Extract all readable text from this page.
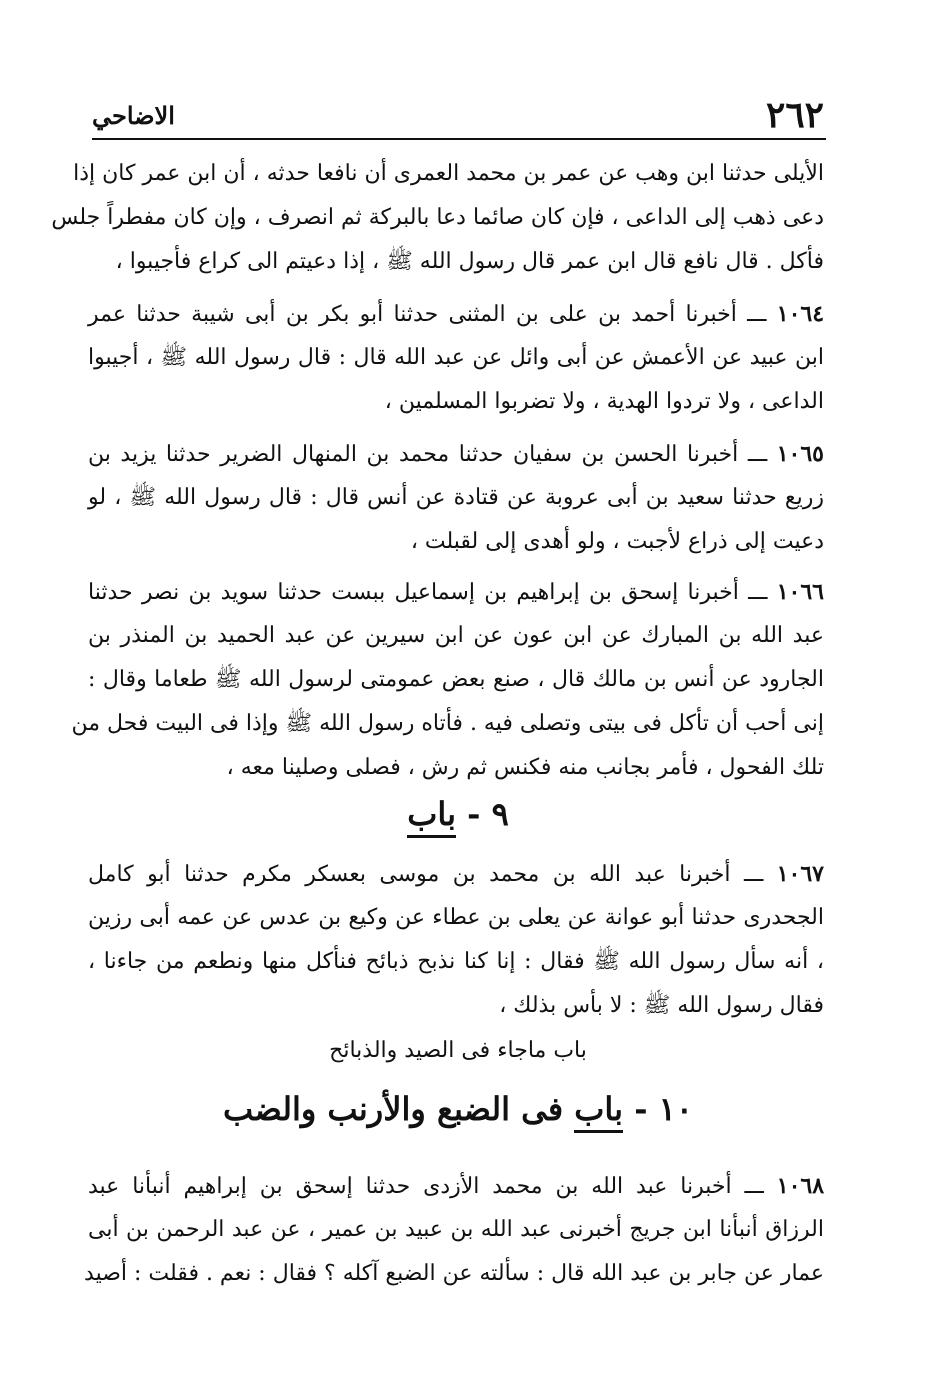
٢٦٢
الاضاحي
الأيلى حدثنا ابن وهب عن عمر بن محمد العمرى أن نافعا حدثه ، أن ابن عمر كان إذا
دعى ذهب إلى الداعى ، فإن كان صائما دعا بالبركة ثم انصرف ، وإن كان مفطراً جلس
فأكل . قال نافع قال ابن عمر قال رسول الله ﷺ ، إذا دعيتم الى كراع فأجيبوا ،
١٠٦٤ ـــ أخبرنا أحمد بن على بن المثنى حدثنا أبو بكر بن أبى شيبة حدثنا عمر
ابن عبيد عن الأعمش عن أبى وائل عن عبد الله قال : قال رسول الله ﷺ ، أجيبوا
الداعى ، ولا تردوا الهدية ، ولا تضربوا المسلمين ،
١٠٦٥ ـــ أخبرنا الحسن بن سفيان حدثنا محمد بن المنهال الضرير حدثنا يزيد بن
زريع حدثنا سعيد بن أبى عروبة عن قتادة عن أنس قال : قال رسول الله ﷺ ، لو
دعيت إلى ذراع لأجبت ، ولو أهدى إلى لقبلت ،
١٠٦٦ ـــ أخبرنا إسحق بن إبراهيم بن إسماعيل ببست حدثنا سويد بن نصر حدثنا
عبد الله بن المبارك عن ابن عون عن ابن سيرين عن عبد الحميد بن المنذر بن
الجارود عن أنس بن مالك قال ، صنع بعض عمومتى لرسول الله ﷺ طعاما وقال :
إنى أحب أن تأكل فى بيتى وتصلى فيه . فأتاه رسول الله ﷺ وإذا فى البيت فحل من
تلك الفحول ، فأمر بجانب منه فكنس ثم رش ، فصلى وصلينا معه ،
٩ - باب
١٠٦٧ ـــ أخبرنا عبد الله بن محمد بن موسى بعسكر مكرم حدثنا أبو كامل
الجحدرى حدثنا أبو عوانة عن يعلى بن عطاء عن وكيع بن عدس عن عمه أبى رزين
، أنه سأل رسول الله ﷺ فقال : إنا كنا نذبح ذبائح فنأكل منها ونطعم من جاءنا ،
فقال رسول الله ﷺ : لا بأس بذلك ،
باب ماجاء فى الصيد والذبائح
١٠ - باب فى الضبع والأرنب والضب
١٠٦٨ ـــ أخبرنا عبد الله بن محمد الأزدى حدثنا إسحق بن إبراهيم أنبأنا عبد
الرزاق أنبأنا ابن جريج أخبرنى عبد الله بن عبيد بن عمير ، عن عبد الرحمن بن أبى
عمار عن جابر بن عبد الله قال : سألته عن الضبع آكله ؟ فقال : نعم . فقلت : أصيد
